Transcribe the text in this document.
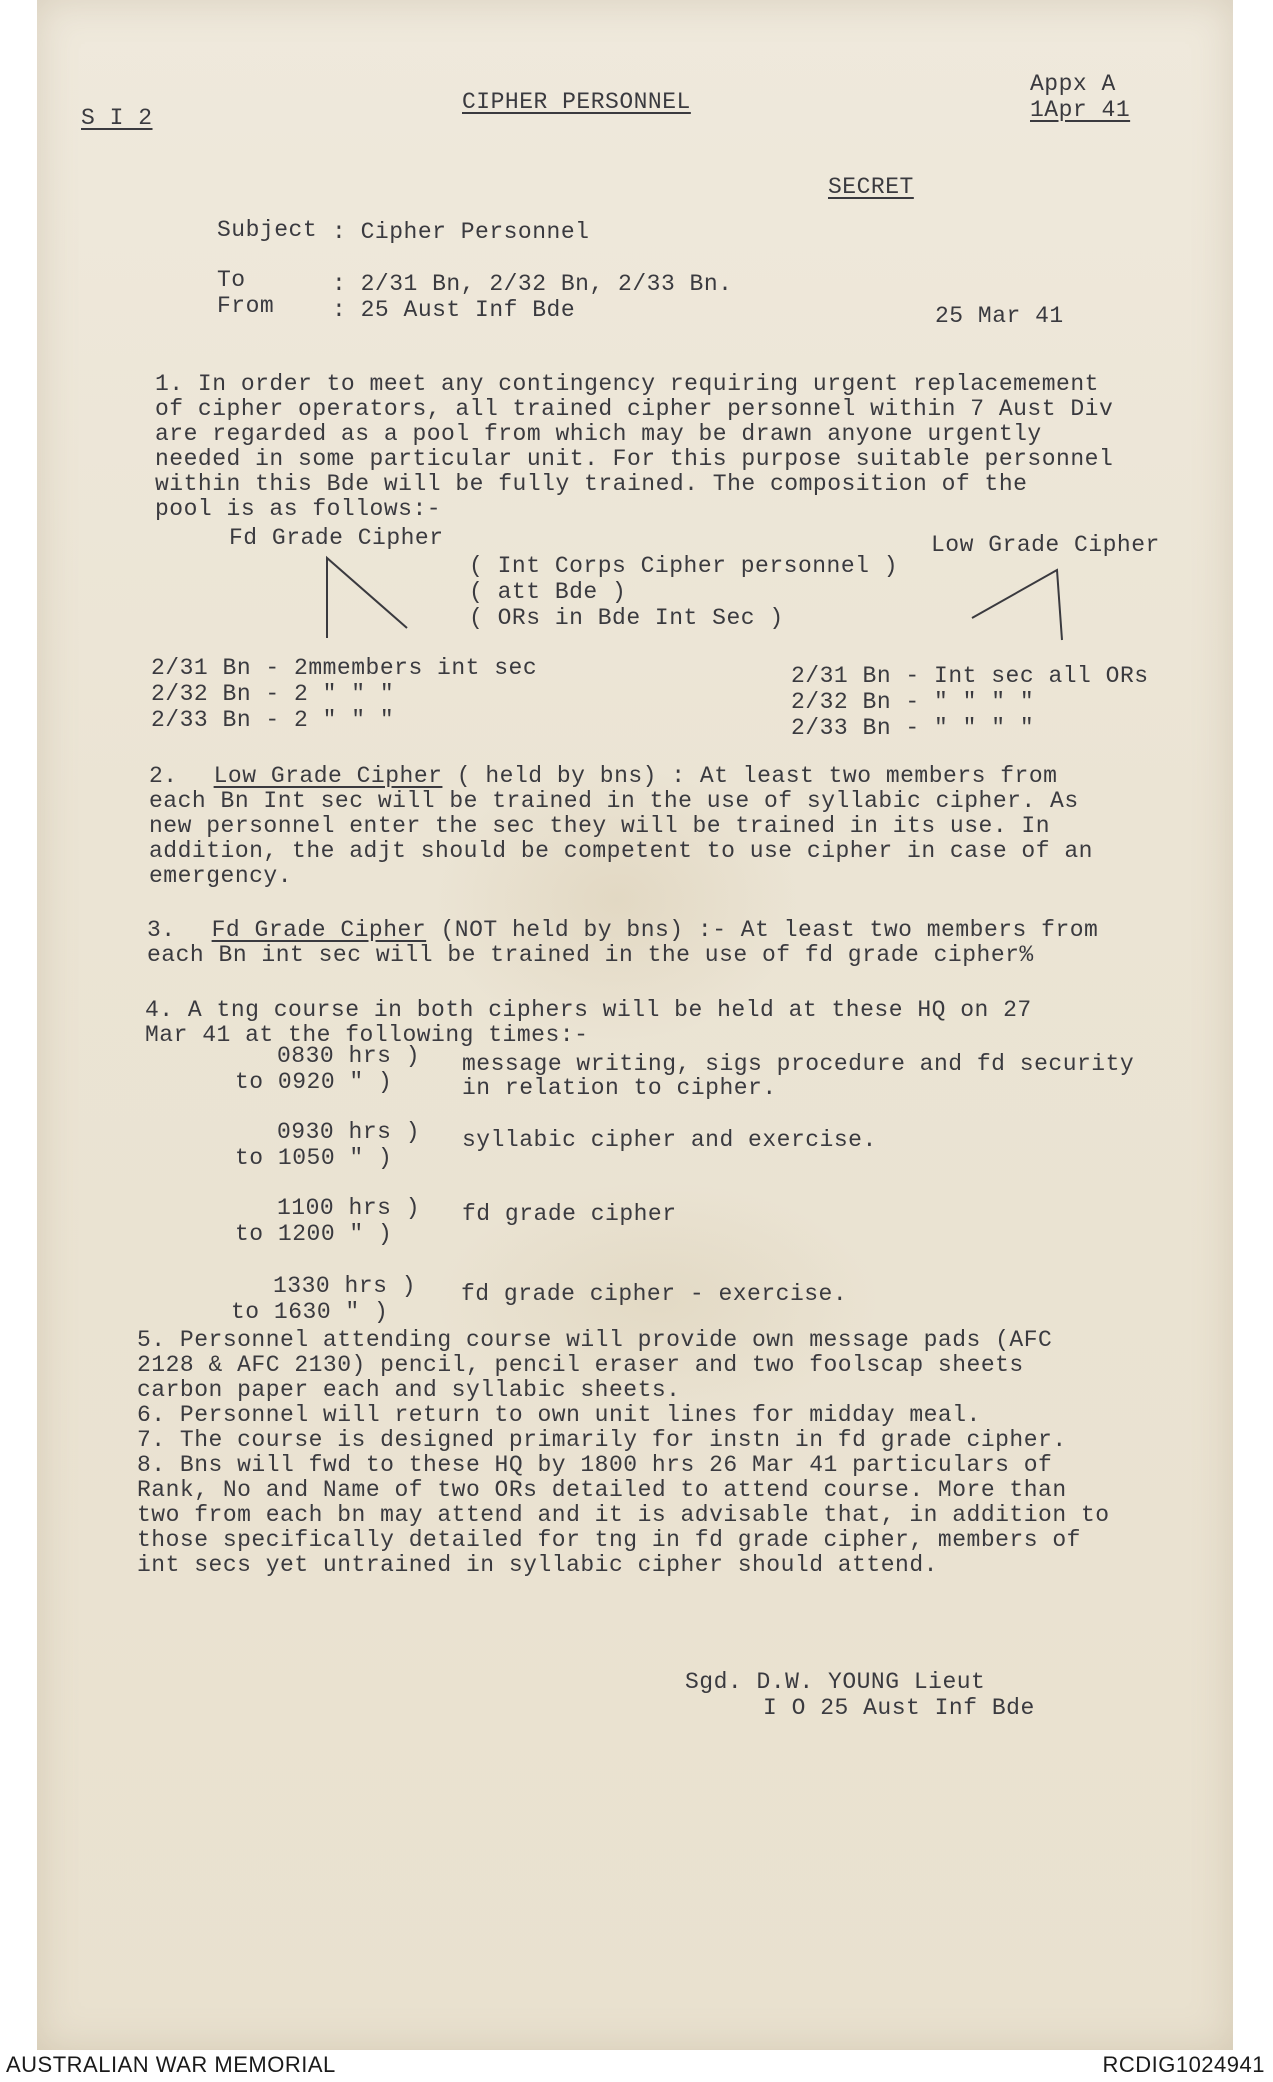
S I 2
CIPHER PERSONNEL
Appx A
1Apr 41
SECRET
Subject : Cipher Personnel
To	: 2/31 Bn, 2/32 Bn, 2/33 Bn.
From	: 25 Aust Inf Bde	25 Mar 41
1. In order to meet any contingency requiring urgent replacemement
of cipher operators, all trained cipher personnel within 7 Aust Div
are regarded as a pool from which may be drawn anyone urgently
needed in some particular unit. For this purpose suitable personnel
within this Bde will be fully trained. The composition of the
pool is as follows:-
Fd Grade Cipher	Low Grade Cipher
( Int Corps Cipher personnel )
( att Bde )
( ORs in Bde Int Sec )
2/31 Bn - 2mmembers int sec
2/32 Bn - 2 " " "
2/33 Bn - 2 " " "
2/31 Bn - Int sec all ORs
2/32 Bn - " " " "
2/33 Bn - " " " "
2. Low Grade Cipher ( held by bns) : At least two members from
each Bn Int sec will be trained in the use of syllabic cipher. As
new personnel enter the sec they will be trained in its use. In
addition, the adjt should be competent to use cipher in case of an
emergency.
3. Fd Grade Cipher (NOT held by bns) :- At least two members from
each Bn int sec will be trained in the use of fd grade cipher%
4. A tng course in both ciphers will be held at these HQ on 27
Mar 41 at the following times:-
0830 hrs )
to 0920 " )
message writing, sigs procedure and fd security
in relation to cipher.
0930 hrs )
to 1050 " )
syllabic cipher and exercise.
1100 hrs )
to 1200 " )
fd grade cipher
1330 hrs )
to 1630 " )
fd grade cipher - exercise.
5. Personnel attending course will provide own message pads (AFC
2128 & AFC 2130) pencil, pencil eraser and two foolscap sheets
carbon paper each and syllabic sheets.
6. Personnel will return to own unit lines for midday meal.
7. The course is designed primarily for instn in fd grade cipher.
8. Bns will fwd to these HQ by 1800 hrs 26 Mar 41 particulars of
Rank, No and Name of two ORs detailed to attend course. More than
two from each bn may attend and it is advisable that, in addition to
those specifically detailed for tng in fd grade cipher, members of
int secs yet untrained in syllabic cipher should attend.
Sgd. D.W. YOUNG Lieut
I O 25 Aust Inf Bde
AUSTRALIAN WAR MEMORIAL	RCDIG1024941
